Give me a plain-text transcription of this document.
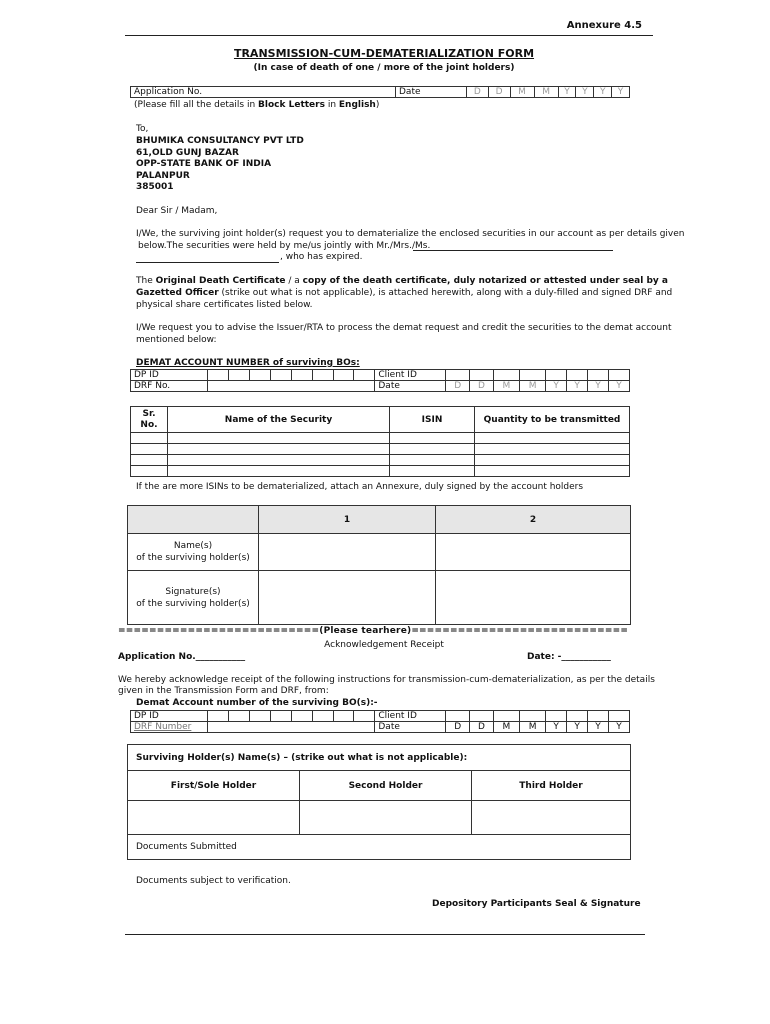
Annexure 4.5
TRANSMISSION-CUM-DEMATERIALIZATION FORM
(In case of death of one / more of the joint holders)
Application No.	Date	D	D	M	M	Y	Y	Y	Y
(Please fill all the details in Block Letters in English)
To,
BHUMIKA CONSULTANCY PVT LTD
61,OLD GUNJ BAZAR
OPP-STATE BANK OF INDIA
PALANPUR
385001
Dear Sir / Madam,
I/We, the surviving joint holder(s) request you to dematerialize the enclosed securities in our account as per details given
below.The securities were held by me/us jointly with Mr./Mrs./Ms.
, who has expired.
The Original Death Certificate / a copy of the death certificate, duly notarized or attested under seal by a
Gazetted Officer (strike out what is not applicable), is attached herewith, along with a duly-filled and signed DRF and
physical share certificates listed below.
I/We request you to advise the Issuer/RTA to process the demat request and credit the securities to the demat account
mentioned below:
DEMAT ACCOUNT NUMBER of surviving BOs:
DP ID									Client ID								
DRF No.									Date	D	D	M	M	Y	Y	Y	Y
Sr.
No.	Name of the Security	ISIN	Quantity to be transmitted

If the are more ISINs to be dematerialized, attach an Annexure, duly signed by the account holders
	1	2
Name(s)
of the surviving holder(s)		
Signature(s)
of the surviving holder(s)		
==========================(Please tearhere)============================
Acknowledgement Receipt
Application No.___________	Date: -___________
We hereby acknowledge receipt of the following instructions for transmission-cum-dematerialization, as per the details
given in the Transmission Form and DRF, from:
Demat Account number of the surviving BO(s):-
DP ID									Client ID								
DRF Number									Date	D	D	M	M	Y	Y	Y	Y
Surviving Holder(s) Name(s) – (strike out what is not applicable):		
First/Sole Holder	Second Holder	Third Holder

Documents Submitted		
Documents subject to verification.
Depository Participants Seal & Signature
